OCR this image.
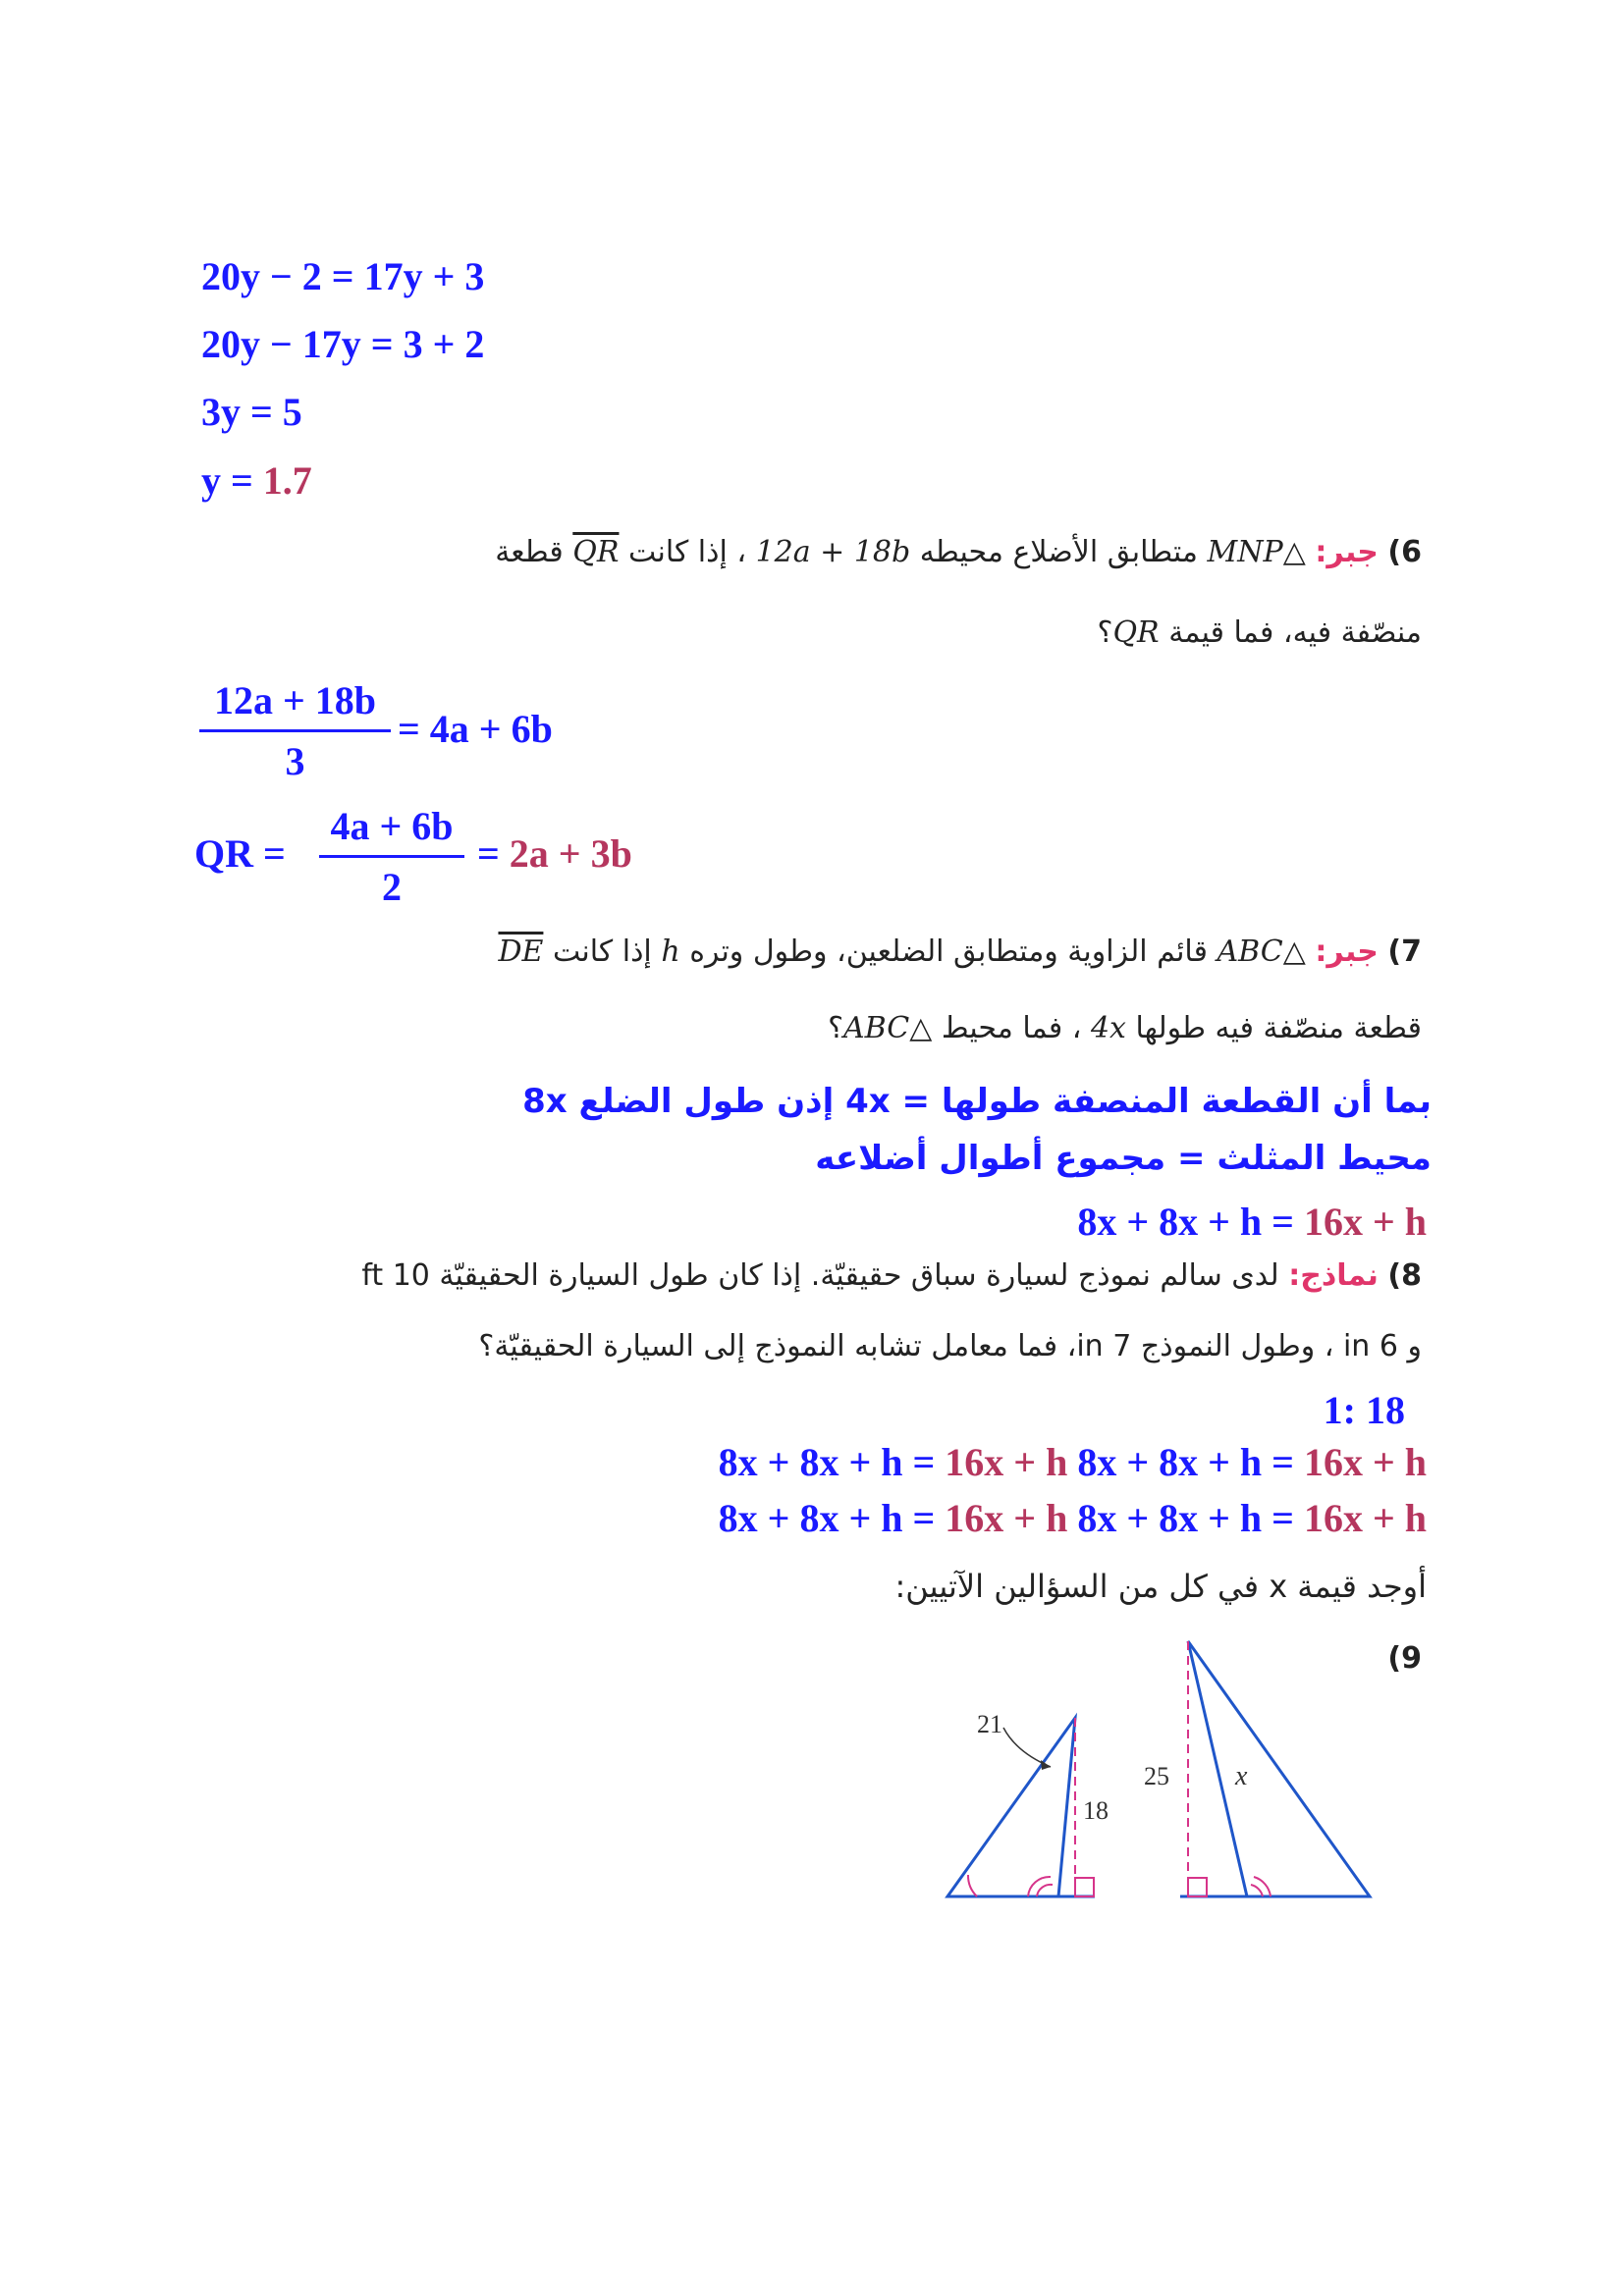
20y − 2 = 17y + 3
20y − 17y = 3 + 2
3y = 5
y = 1.7
6) جبر: △MNP متطابق الأضلاع محيطه 12a + 18b ، إذا كانت QR قطعة
منصّفة فيه، فما قيمة QR؟
12a + 18b
3
= 4a + 6b
QR =
4a + 6b
2
= 2a + 3b
7) جبر: △ABC قائم الزاوية ومتطابق الضلعين، وطول وتره h إذا كانت DE
قطعة منصّفة فيه طولها 4x ، فما محيط △ABC؟
بما أن القطعة المنصفة طولها = 4x إذن طول الضلع 8x
محيط المثلث = مجموع أطوال أضلاعه
8x + 8x + h = 16x + h
8) نماذج: لدى سالم نموذج لسيارة سباق حقيقيّة. إذا كان طول السيارة الحقيقيّة 10 ft
و 6 in ، وطول النموذج 7 in، فما معامل تشابه النموذج إلى السيارة الحقيقيّة؟
1: 18
8x + 8x + h = 16x + h 8x + 8x + h = 16x + h
8x + 8x + h = 16x + h 8x + 8x + h = 16x + h
أوجد قيمة x في كل من السؤالين الآتيين:
(9
21
18
25 x
